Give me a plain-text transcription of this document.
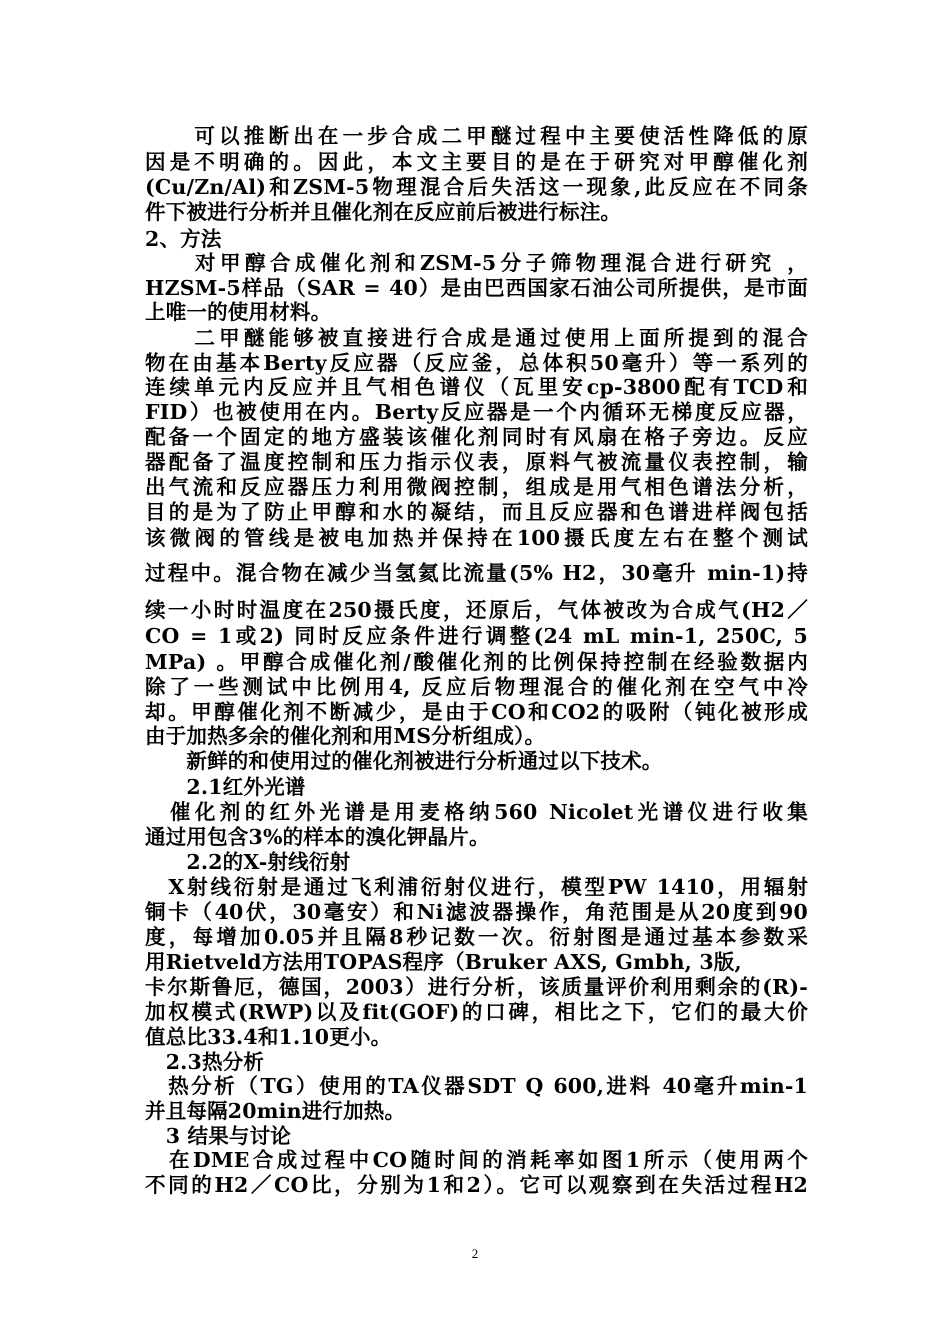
　　可以推断出在一步合成二甲醚过程中主要使活性降低的原
因是不明确的。因此，本文主要目的是在于研究对甲醇催化剂
(Cu/Zn/Al)和ZSM-5物理混合后失活这一现象,此反应在不同条
件下被进行分析并且催化剂在反应前后被进行标注。
2、方法
　　对甲醇合成催化剂和ZSM-5分子筛物理混合进行研究 ，
HZSM-5样品（SAR = 40）是由巴西国家石油公司所提供，是市面
上唯一的使用材料。
　　二甲醚能够被直接进行合成是通过使用上面所提到的混合
物在由基本Berty反应器（反应釜，总体积50毫升）等一系列的
连续单元内反应并且气相色谱仪（瓦里安cp-3800配有TCD和
FID）也被使用在内。Berty反应器是一个内循环无梯度反应器，
配备一个固定的地方盛装该催化剂同时有风扇在格子旁边。反应
器配备了温度控制和压力指示仪表，原料气被流量仪表控制，输
出气流和反应器压力利用微阀控制，组成是用气相色谱法分析，
目的是为了防止甲醇和水的凝结，而且反应器和色谱进样阀包括
该微阀的管线是被电加热并保持在100摄氏度左右在整个测试
过程中。混合物在减少当氢氦比流量(5% H2，30毫升 min-1)持
续一小时时温度在250摄氏度，还原后，气体被改为合成气(H2／
CO = 1或2) 同时反应条件进行调整(24 mL min-1, 250C, 5
MPa) 。甲醇合成催化剂/酸催化剂的比例保持控制在经验数据内
除了一些测试中比例用4, 反应后物理混合的催化剂在空气中冷
却。甲醇催化剂不断减少，是由于CO和CO2的吸附（钝化被形成
由于加热多余的催化剂和用MS分析组成）。
　　新鲜的和使用过的催化剂被进行分析通过以下技术。
　　2.1红外光谱
　催化剂的红外光谱是用麦格纳560 Nicolet光谱仪进行收集
通过用包含3%的样本的溴化钾晶片。
　　2.2的X-射线衍射
　X射线衍射是通过飞利浦衍射仪进行，模型PW 1410，用辐射
铜卡（40伏，30毫安）和Ni滤波器操作，角范围是从20度到90
度，每增加0.05并且隔8秒记数一次。衍射图是通过基本参数采
用Rietveld方法用TOPAS程序（Bruker AXS, Gmbh, 3版,
卡尔斯鲁厄，德国，2003）进行分析，该质量评价利用剩余的(R)-
加权模式(RWP)以及fit(GOF)的口碑，相比之下，它们的最大价
值总比33.4和1.10更小。
　2.3热分析
　热分析（TG）使用的TA仪器SDT Q 600,进料 40毫升min-1
并且每隔20min进行加热。
　3 结果与讨论
　在DME合成过程中CO随时间的消耗率如图1所示（使用两个
不同的H2／CO比，分别为1和2）。它可以观察到在失活过程H2
2
